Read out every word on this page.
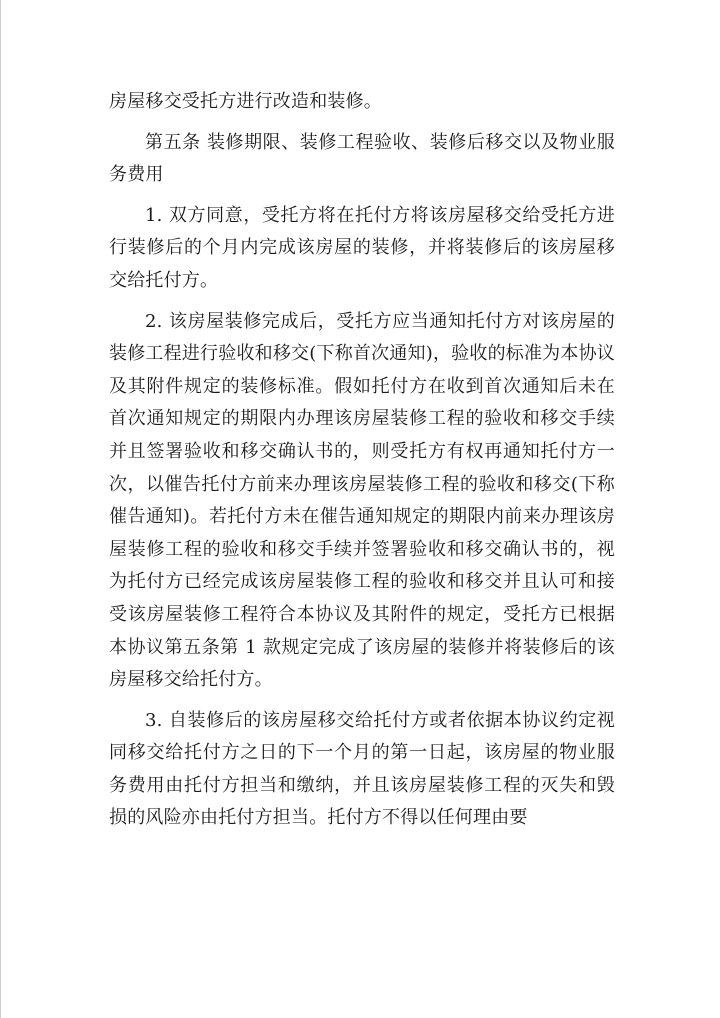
房屋移交受托方进行改造和装修。

第五条 装修期限、装修工程验收、装修后移交以及物业服务费用

1. 双方同意，受托方将在托付方将该房屋移交给受托方进行装修后的个月内完成该房屋的装修，并将装修后的该房屋移交给托付方。

2. 该房屋装修完成后，受托方应当通知托付方对该房屋的装修工程进行验收和移交(下称首次通知)，验收的标准为本协议及其附件规定的装修标准。假如托付方在收到首次通知后未在首次通知规定的期限内办理该房屋装修工程的验收和移交手续并且签署验收和移交确认书的，则受托方有权再通知托付方一次，以催告托付方前来办理该房屋装修工程的验收和移交(下称催告通知)。若托付方未在催告通知规定的期限内前来办理该房屋装修工程的验收和移交手续并签署验收和移交确认书的，视为托付方已经完成该房屋装修工程的验收和移交并且认可和接受该房屋装修工程符合本协议及其附件的规定，受托方已根据本协议第五条第 1 款规定完成了该房屋的装修并将装修后的该房屋移交给托付方。

3. 自装修后的该房屋移交给托付方或者依据本协议约定视同移交给托付方之日的下一个月的第一日起，该房屋的物业服务费用由托付方担当和缴纳，并且该房屋装修工程的灭失和毁损的风险亦由托付方担当。托付方不得以任何理由要
